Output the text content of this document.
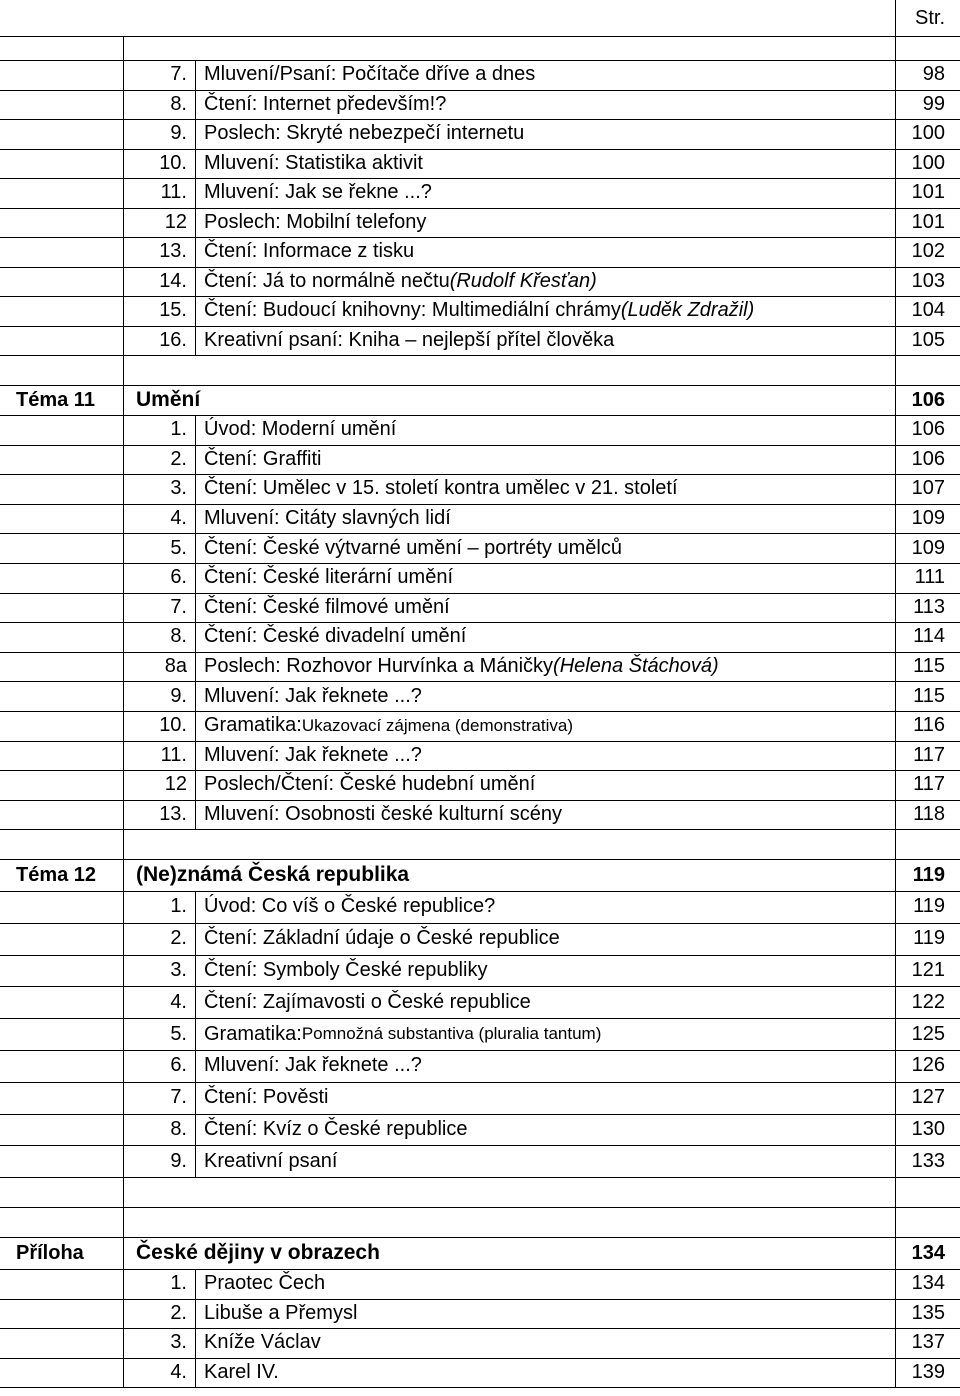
Str.
7. Mluvení/Psaní: Počítače dříve a dnes	98
8. Čtení: Internet především!?	99
9. Poslech: Skryté nebezpečí internetu	100
10. Mluvení: Statistika aktivit	100
11. Mluvení: Jak se řekne ...?	101
12 Poslech: Mobilní telefony	101
13. Čtení: Informace z tisku	102
14. Čtení: Já to normálně nečtu (Rudolf Křesťan)	103
15. Čtení: Budoucí knihovny: Multimediální chrámy (Luděk Zdražil)	104
16. Kreativní psaní: Kniha – nejlepší přítel člověka	105
Téma 11	Umění	106
1. Úvod: Moderní umění	106
2. Čtení: Graffiti	106
3. Čtení: Umělec v 15. století kontra umělec v 21. století	107
4. Mluvení: Citáty slavných lidí	109
5. Čtení: České výtvarné umění – portréty umělců	109
6. Čtení: České literární umění	111
7. Čtení: České filmové umění	113
8. Čtení: České divadelní umění	114
8a Poslech: Rozhovor Hurvínka a Máničky (Helena Štáchová)	115
9. Mluvení: Jak řeknete ...?	115
10. Gramatika: Ukazovací zájmena (demonstrativa)	116
11. Mluvení: Jak řeknete ...?	117
12 Poslech/Čtení: České hudební umění	117
13. Mluvení: Osobnosti české kulturní scény	118
Téma 12	(Ne)známá Česká republika	119
1. Úvod: Co víš o České republice?	119
2. Čtení: Základní údaje o České republice	119
3. Čtení: Symboly České republiky	121
4. Čtení: Zajímavosti o České republice	122
5. Gramatika: Pomnožná substantiva (pluralia tantum)	125
6. Mluvení: Jak řeknete ...?	126
7. Čtení: Pověsti	127
8. Čtení: Kvíz o České republice	130
9. Kreativní psaní	133
Příloha	České dějiny v obrazech	134
1. Praotec Čech	134
2. Libuše a Přemysl	135
3. Kníže Václav	137
4. Karel IV.	139
